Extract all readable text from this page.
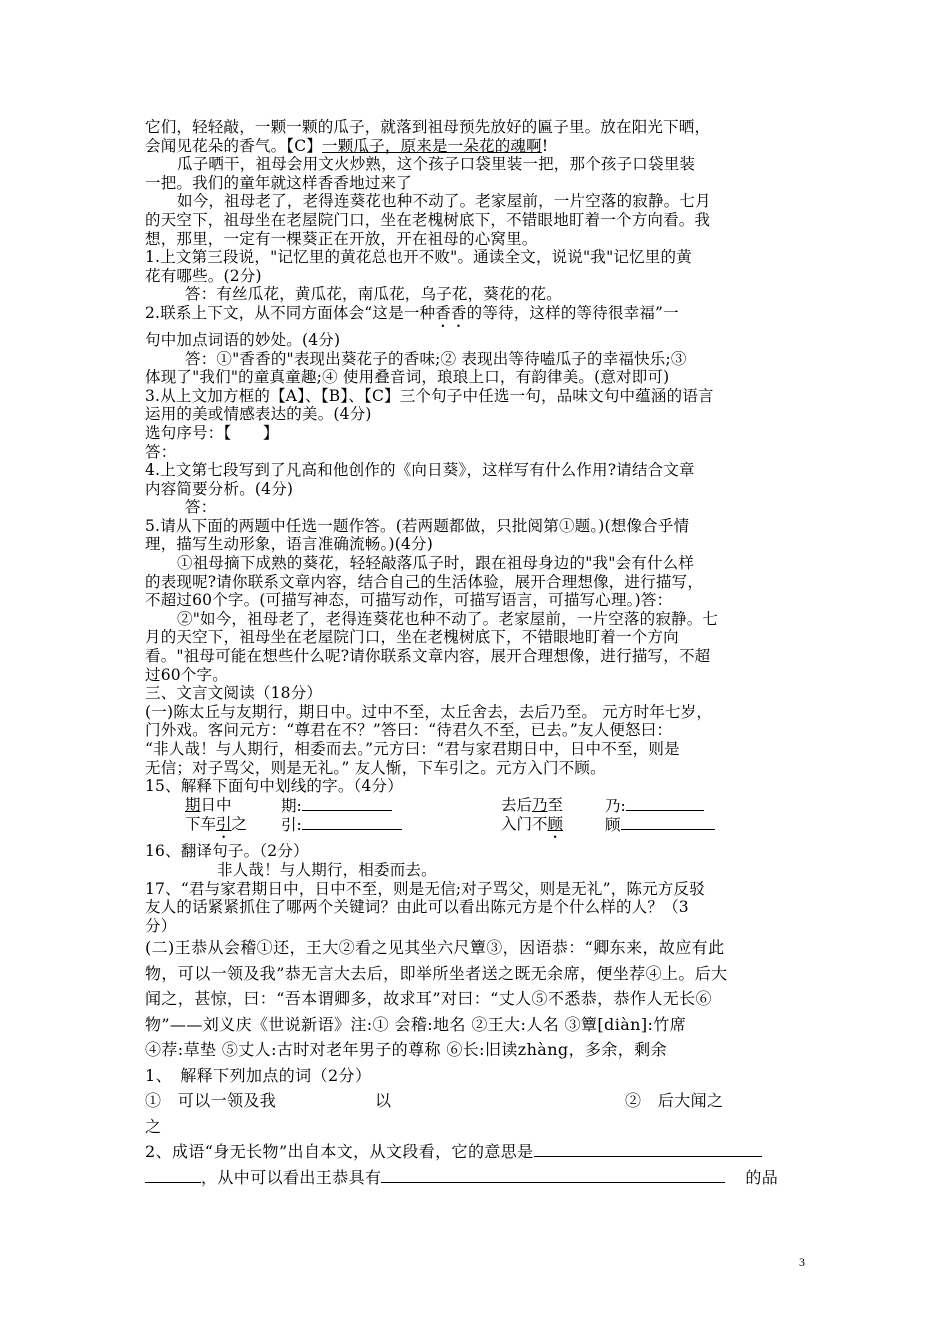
它们，轻轻敲，一颗一颗的瓜子，就落到祖母预先放好的匾子里。放在阳光下晒，
会闻见花朵的香气。【C】一颗瓜子，原来是一朵花的魂啊!
瓜子晒干，祖母会用文火炒熟，这个孩子口袋里装一把，那个孩子口袋里装
一把。我们的童年就这样香香地过来了
如今，祖母老了，老得连葵花也种不动了。老家屋前，一片空落的寂静。七月
的天空下，祖母坐在老屋院门口，坐在老槐树底下，不错眼地盯着一个方向看。我
想，那里，一定有一棵葵正在开放，开在祖母的心窝里。
1.上文第三段说，"记忆里的黄花总也开不败"。通读全文，说说"我"记忆里的黄
花有哪些。(2分)
答：有丝瓜花，黄瓜花，南瓜花，乌子花，葵花的花。
2.联系上下文，从不同方面体会“这是一种香香的等待，这样的等待很幸福”一
句中加点词语的妙处。(4分)
答：①"香香的"表现出葵花子的香味;② 表现出等待嗑瓜子的幸福快乐;③
体现了"我们"的童真童趣;④ 使用叠音词，琅琅上口，有韵律美。(意对即可)
3.从上文加方框的【A】、【B】、【C】三个句子中任选一句，品味文句中蕴涵的语言
运用的美或情感表达的美。(4分)
选句序号：【　　】
答：
4.上文第七段写到了凡高和他创作的《向日葵》，这样写有什么作用?请结合文章
内容简要分析。(4分)
答：
5.请从下面的两题中任选一题作答。(若两题都做，只批阅第①题。)(想像合乎情
理，描写生动形象，语言准确流畅。)(4分)
①祖母摘下成熟的葵花，轻轻敲落瓜子时，跟在祖母身边的"我"会有什么样
的表现呢?请你联系文章内容，结合自己的生活体验，展开合理想像，进行描写，
不超过60个字。(可描写神态，可描写动作，可描写语言，可描写心理。)答：
②"如今，祖母老了，老得连葵花也种不动了。老家屋前，一片空落的寂静。七
月的天空下，祖母坐在老屋院门口，坐在老槐树底下，不错眼地盯着一个方向
看。"祖母可能在想些什么呢?请你联系文章内容，展开合理想像，进行描写，不超
过60个字。
三、文言文阅读（18分）
(一)陈太丘与友期行，期日中。过中不至，太丘舍去，去后乃至。 元方时年七岁，
门外戏。客问元方：“尊君在不？”答曰：“待君久不至，已去。”友人便怒曰：
“非人哉！与人期行，相委而去。”元方曰：“君与家君期日中，日中不至，则是
无信；对子骂父，则是无礼。” 友人惭，下车引之。元方入门不顾。
15、解释下面句中划线的字。（4分）
期日中	期:	去后乃至	乃:
下车引之	引:	入门不顾	顾
16、翻译句子。（2分）
非人哉！与人期行，相委而去。
17、“君与家君期日中，日中不至，则是无信;对子骂父，则是无礼”，陈元方反驳
友人的话紧紧抓住了哪两个关键词？由此可以看出陈元方是个什么样的人？（3
分）
(二)王恭从会稽①还，王大②看之见其坐六尺簟③，因语恭：“卿东来，故应有此
物，可以一领及我”恭无言大去后，即举所坐者送之既无余席，便坐荐④上。后大
闻之，甚惊，曰：“吾本谓卿多，故求耳”对曰：“丈人⑤不悉恭，恭作人无长⑥
物”——刘义庆《世说新语》注:① 会稽:地名 ②王大:人名 ③簟[diàn]:竹席
④荐:草垫 ⑤丈人:古时对老年男子的尊称 ⑥长:旧读zhàng，多余，剩余
1、　解释下列加点的词（2分）
①　可以一领及我	以	②　后大闻之
之
2、成语“身无长物”出自本文，从文段看，它的意思是
，从中可以看出王恭具有	的品
3
